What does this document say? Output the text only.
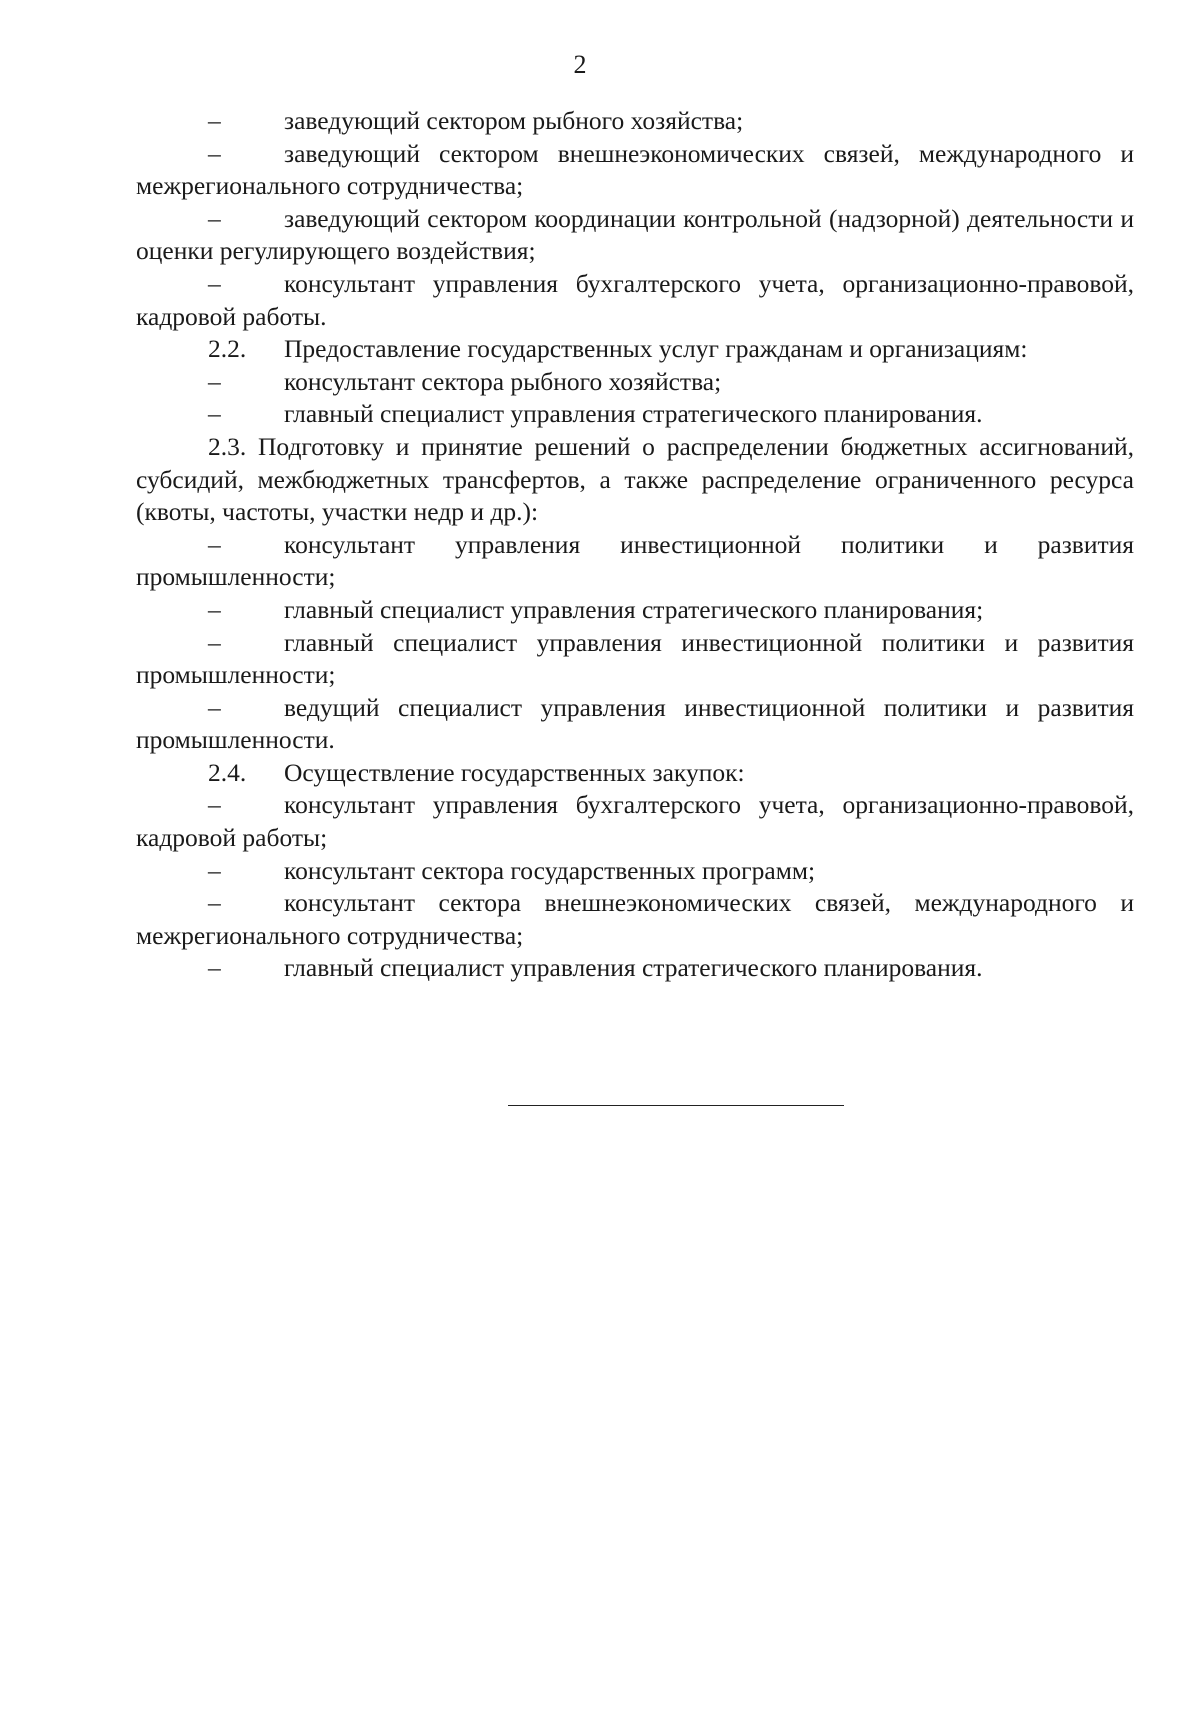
2

– заведующий сектором рыбного хозяйства;

– заведующий сектором внешнеэкономических связей, международного и межрегионального сотрудничества;

– заведующий сектором координации контрольной (надзорной) деятельности и оценки регулирующего воздействия;

– консультант управления бухгалтерского учета, организационно-правовой, кадровой работы.

2.2. Предоставление государственных услуг гражданам и организациям:

– консультант сектора рыбного хозяйства;

– главный специалист управления стратегического планирования.

2.3. Подготовку и принятие решений о распределении бюджетных ассигнований, субсидий, межбюджетных трансфертов, а также распределение ограниченного ресурса (квоты, частоты, участки недр и др.):

– консультант управления инвестиционной политики и развития промышленности;

– главный специалист управления стратегического планирования;

– главный специалист управления инвестиционной политики и развития промышленности;

– ведущий специалист управления инвестиционной политики и развития промышленности.

2.4. Осуществление государственных закупок:

– консультант управления бухгалтерского учета, организационно-правовой, кадровой работы;

– консультант сектора государственных программ;

– консультант сектора внешнеэкономических связей, международного и межрегионального сотрудничества;

– главный специалист управления стратегического планирования.
